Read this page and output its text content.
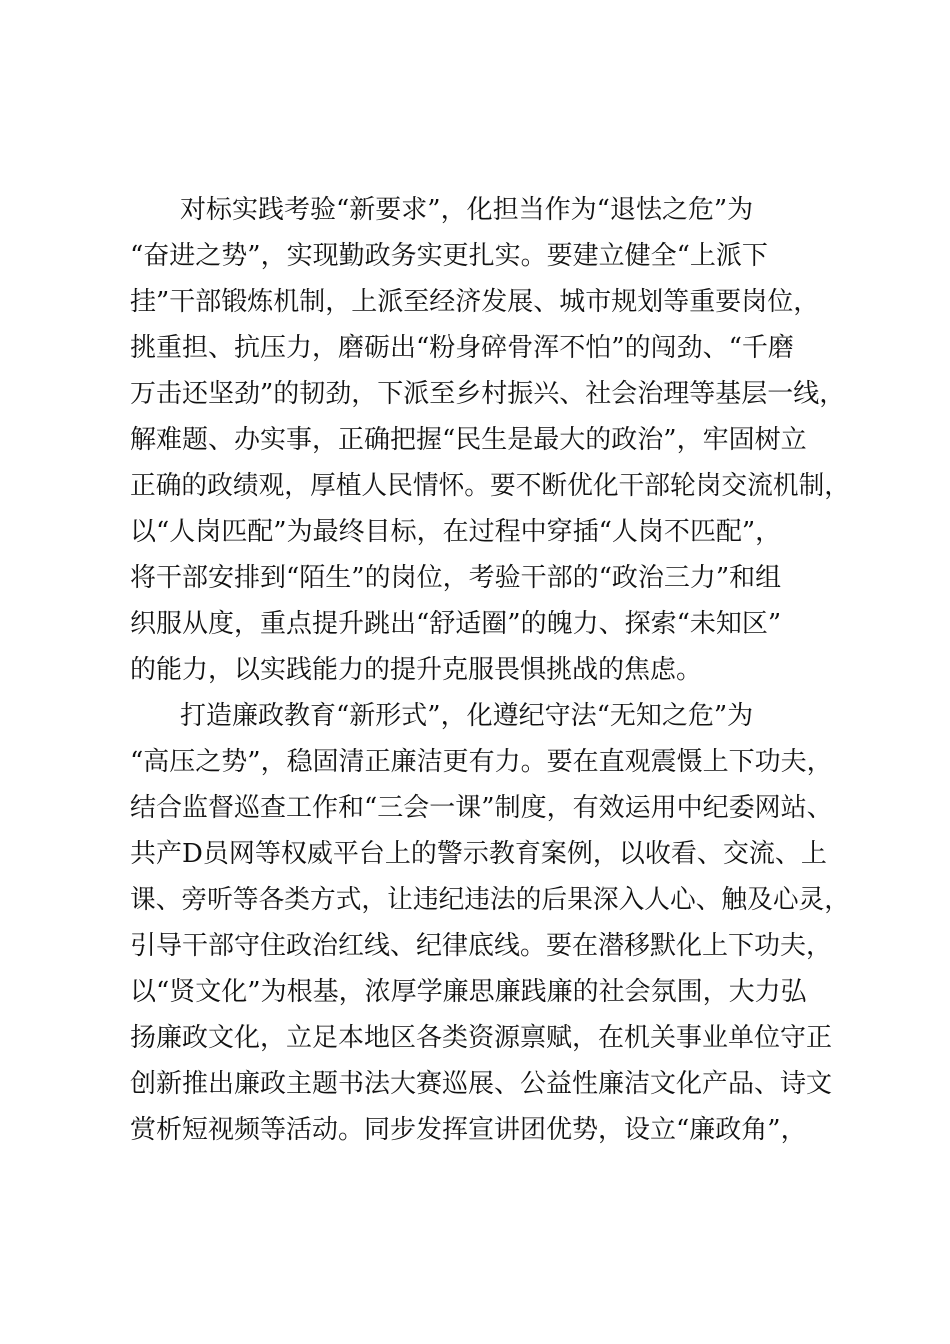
对标实践考验“新要求”，化担当作为“退怯之危”为
“奋进之势”，实现勤政务实更扎实。要建立健全“上派下
挂”干部锻炼机制，上派至经济发展、城市规划等重要岗位，
挑重担、抗压力，磨砺出“粉身碎骨浑不怕”的闯劲、“千磨
万击还坚劲”的韧劲，下派至乡村振兴、社会治理等基层一线，
解难题、办实事，正确把握“民生是最大的政治”，牢固树立
正确的政绩观，厚植人民情怀。要不断优化干部轮岗交流机制，
以“人岗匹配”为最终目标，在过程中穿插“人岗不匹配”，
将干部安排到“陌生”的岗位，考验干部的“政治三力”和组
织服从度，重点提升跳出“舒适圈”的魄力、探索“未知区”
的能力，以实践能力的提升克服畏惧挑战的焦虑。
打造廉政教育“新形式”，化遵纪守法“无知之危”为
“高压之势”，稳固清正廉洁更有力。要在直观震慑上下功夫，
结合监督巡查工作和“三会一课”制度，有效运用中纪委网站、
共产D员网等权威平台上的警示教育案例，以收看、交流、上
课、旁听等各类方式，让违纪违法的后果深入人心、触及心灵，
引导干部守住政治红线、纪律底线。要在潜移默化上下功夫，
以“贤文化”为根基，浓厚学廉思廉践廉的社会氛围，大力弘
扬廉政文化，立足本地区各类资源禀赋，在机关事业单位守正
创新推出廉政主题书法大赛巡展、公益性廉洁文化产品、诗文
赏析短视频等活动。同步发挥宣讲团优势，设立“廉政角”，
